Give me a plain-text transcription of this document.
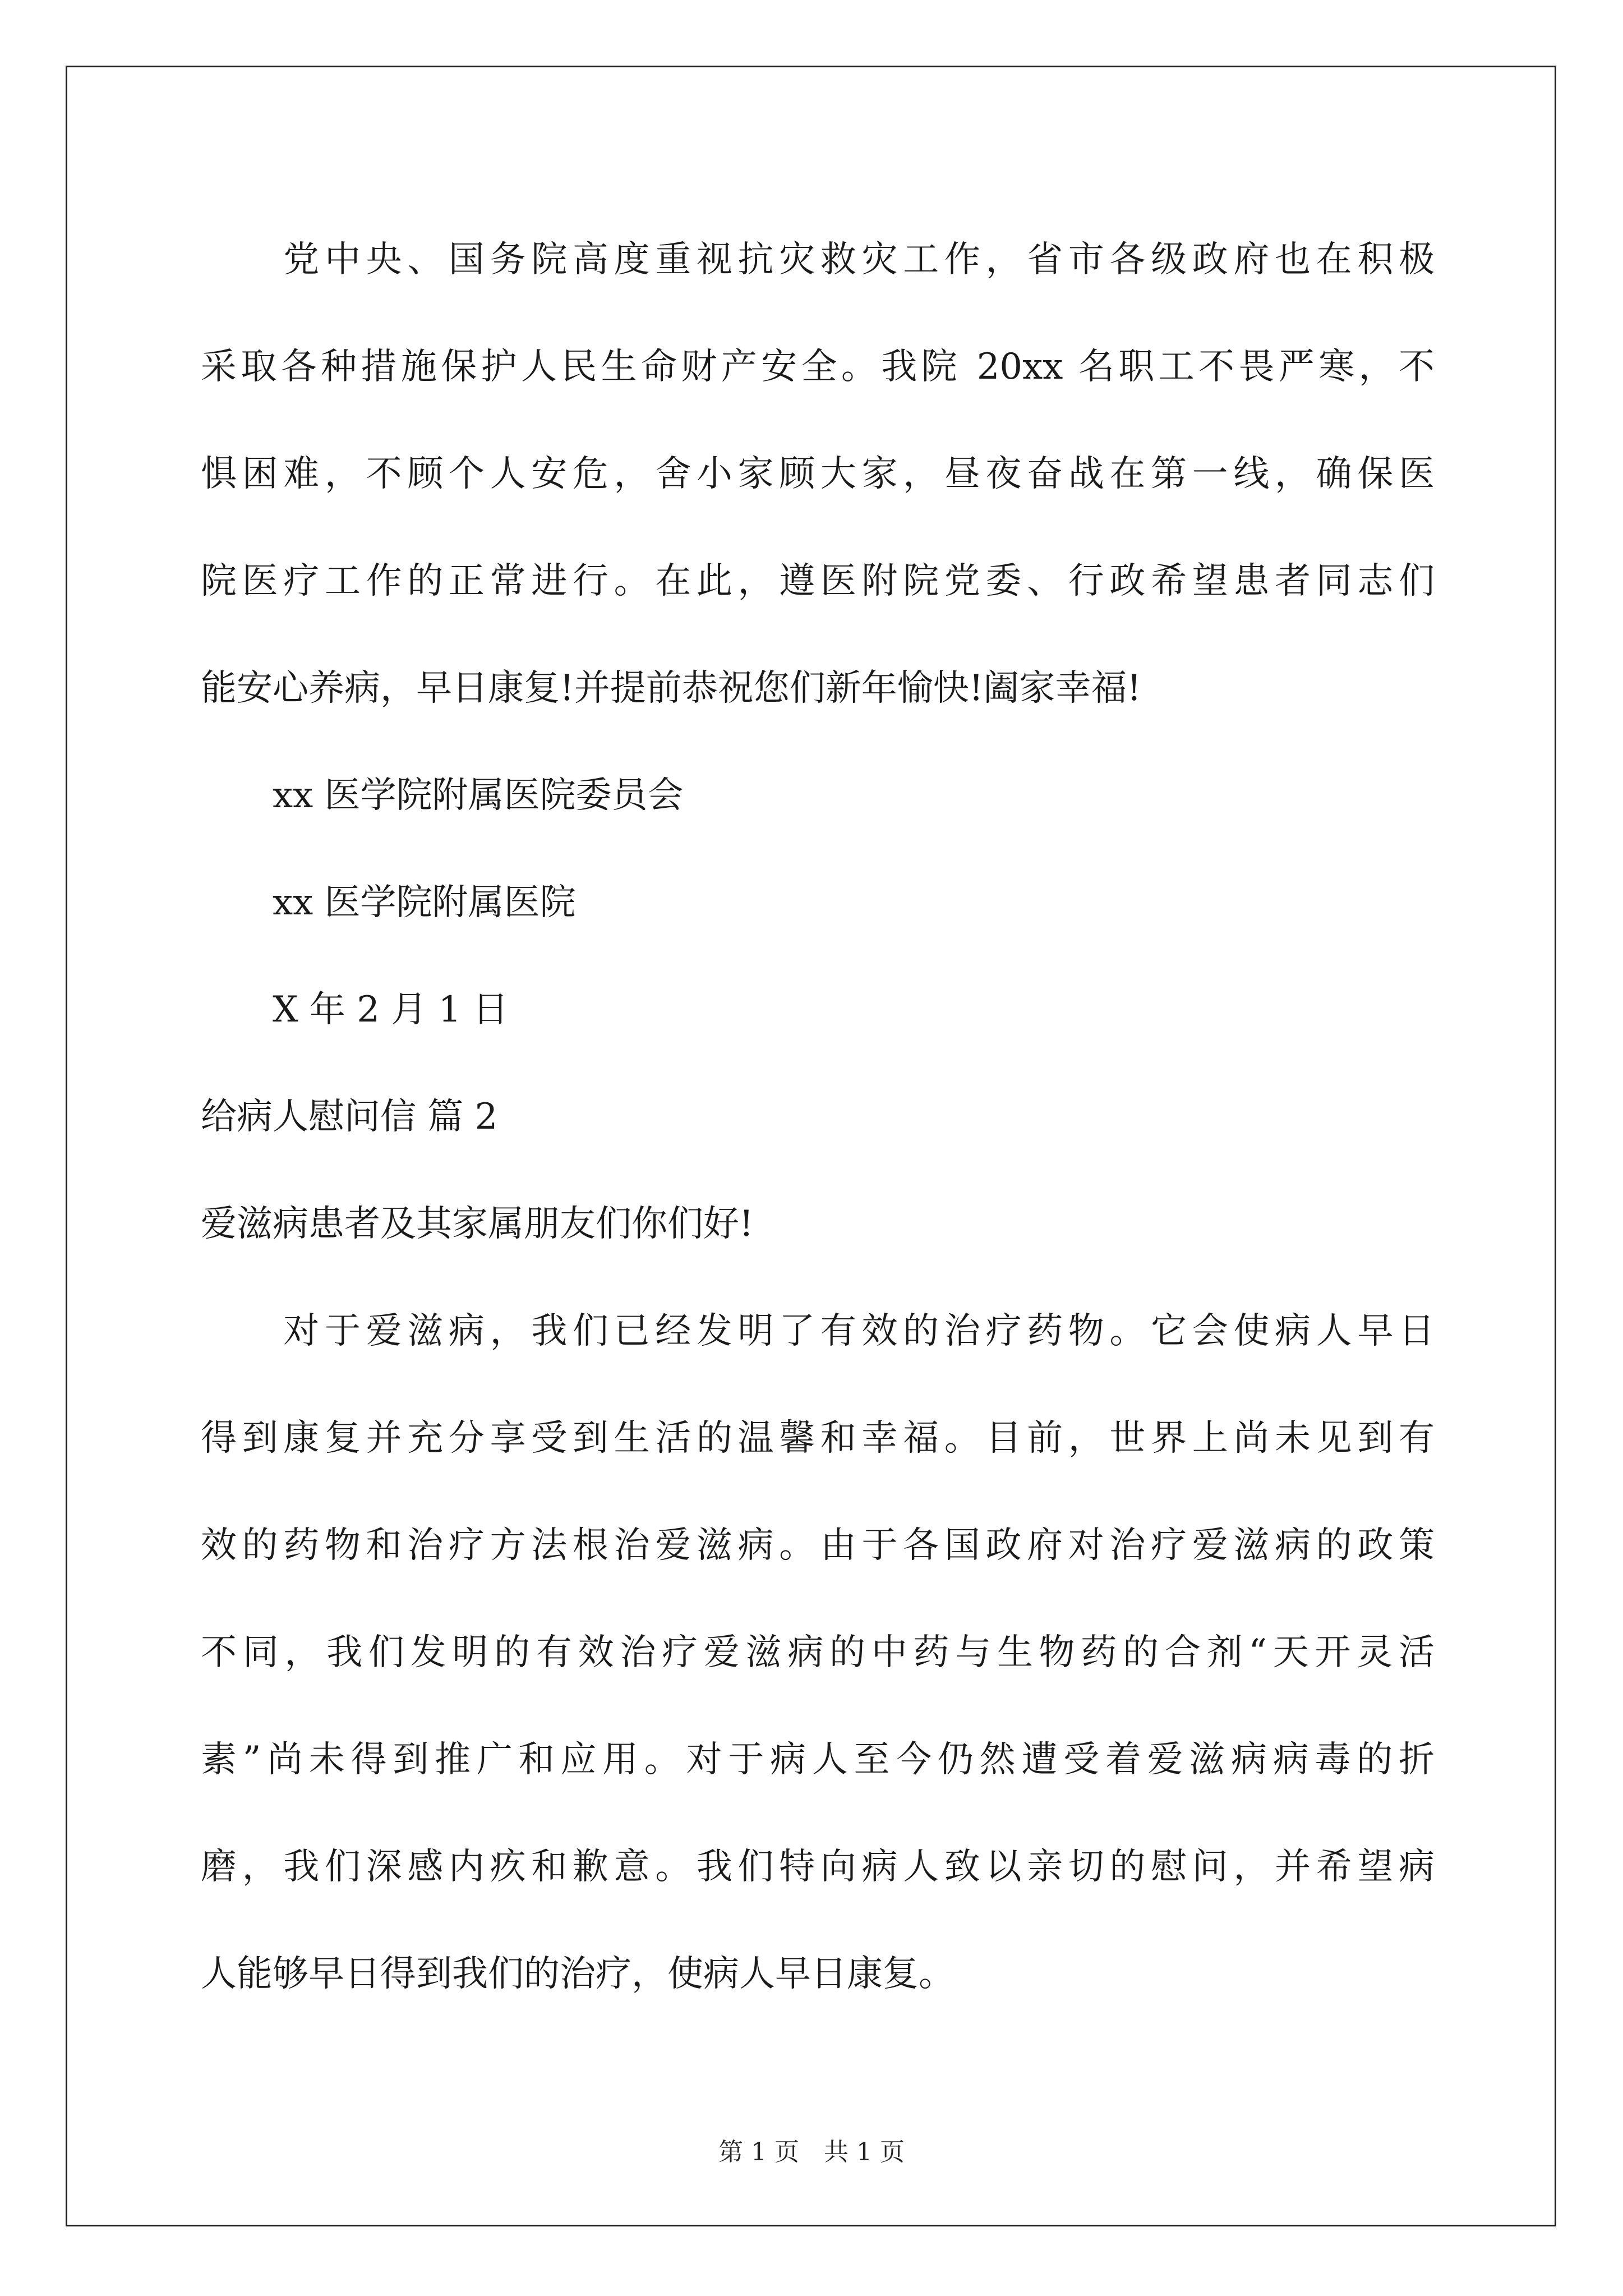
　　党中央、国务院高度重视抗灾救灾工作，省市各级政府也在积极
采取各种措施保护人民生命财产安全。我院 20xx 名职工不畏严寒，不
惧困难，不顾个人安危，舍小家顾大家，昼夜奋战在第一线，确保医
院医疗工作的正常进行。在此，遵医附院党委、行政希望患者同志们
能安心养病，早日康复!并提前恭祝您们新年愉快!阖家幸福!
　　xx 医学院附属医院委员会
　　xx 医学院附属医院
　　X 年 2 月 1 日
给病人慰问信 篇 2
爱滋病患者及其家属朋友们你们好!
　　对于爱滋病，我们已经发明了有效的治疗药物。它会使病人早日
得到康复并充分享受到生活的温馨和幸福。目前，世界上尚未见到有
效的药物和治疗方法根治爱滋病。由于各国政府对治疗爱滋病的政策
不同，我们发明的有效治疗爱滋病的中药与生物药的合剂“天开灵活
素”尚未得到推广和应用。对于病人至今仍然遭受着爱滋病病毒的折
磨，我们深感内疚和歉意。我们特向病人致以亲切的慰问，并希望病
人能够早日得到我们的治疗，使病人早日康复。
第 1 页　共 1 页
